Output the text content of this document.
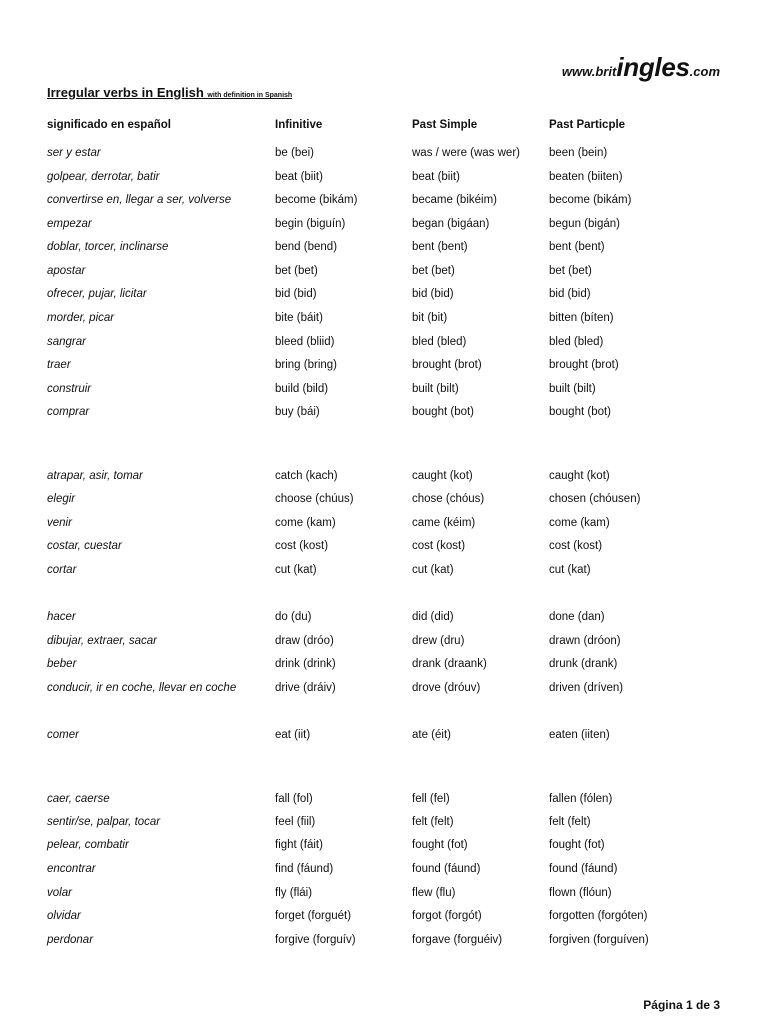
www.britingles.com
Irregular verbs in English with definition in Spanish
significado en español	Infinitive	Past Simple	Past Particple
ser y estar	be (bei)	was / were (was wer)	been (bein)
golpear, derrotar, batir	beat (biit)	beat (biit)	beaten (biiten)
convertirse en, llegar a ser, volverse	become (bikám)	became (bikéim)	become (bikám)
empezar	begin (biguín)	began (bigáan)	begun (bigán)
doblar, torcer, inclinarse	bend (bend)	bent (bent)	bent (bent)
apostar	bet (bet)	bet (bet)	bet (bet)
ofrecer, pujar, licitar	bid (bid)	bid (bid)	bid (bid)
morder, picar	bite (báit)	bit (bit)	bitten (bíten)
sangrar	bleed (bliid)	bled (bled)	bled (bled)
traer	bring (bring)	brought (brot)	brought (brot)
construir	build (bild)	built (bilt)	built (bilt)
comprar	buy (bái)	bought (bot)	bought (bot)
atrapar, asir, tomar	catch (kach)	caught (kot)	caught (kot)
elegir	choose (chúus)	chose (chóus)	chosen (chóusen)
venir	come (kam)	came (kéim)	come (kam)
costar, cuestar	cost (kost)	cost (kost)	cost (kost)
cortar	cut (kat)	cut (kat)	cut (kat)
hacer	do (du)	did (did)	done (dan)
dibujar, extraer, sacar	draw (dróo)	drew (dru)	drawn (dróon)
beber	drink (drink)	drank (draank)	drunk (drank)
conducir, ir en coche, llevar en coche	drive (dráiv)	drove (dróuv)	driven (dríven)
comer	eat (iit)	ate (éit)	eaten (iiten)
caer, caerse	fall (fol)	fell (fel)	fallen (fólen)
sentir/se, palpar, tocar	feel (fiil)	felt (felt)	felt (felt)
pelear, combatir	fight (fáit)	fought (fot)	fought (fot)
encontrar	find (fáund)	found (fáund)	found (fáund)
volar	fly (flái)	flew (flu)	flown (flóun)
olvidar	forget (forguét)	forgot (forgót)	forgotten (forgóten)
perdonar	forgive (forguív)	forgave (forguéiv)	forgiven (forguíven)
Página 1 de 3
